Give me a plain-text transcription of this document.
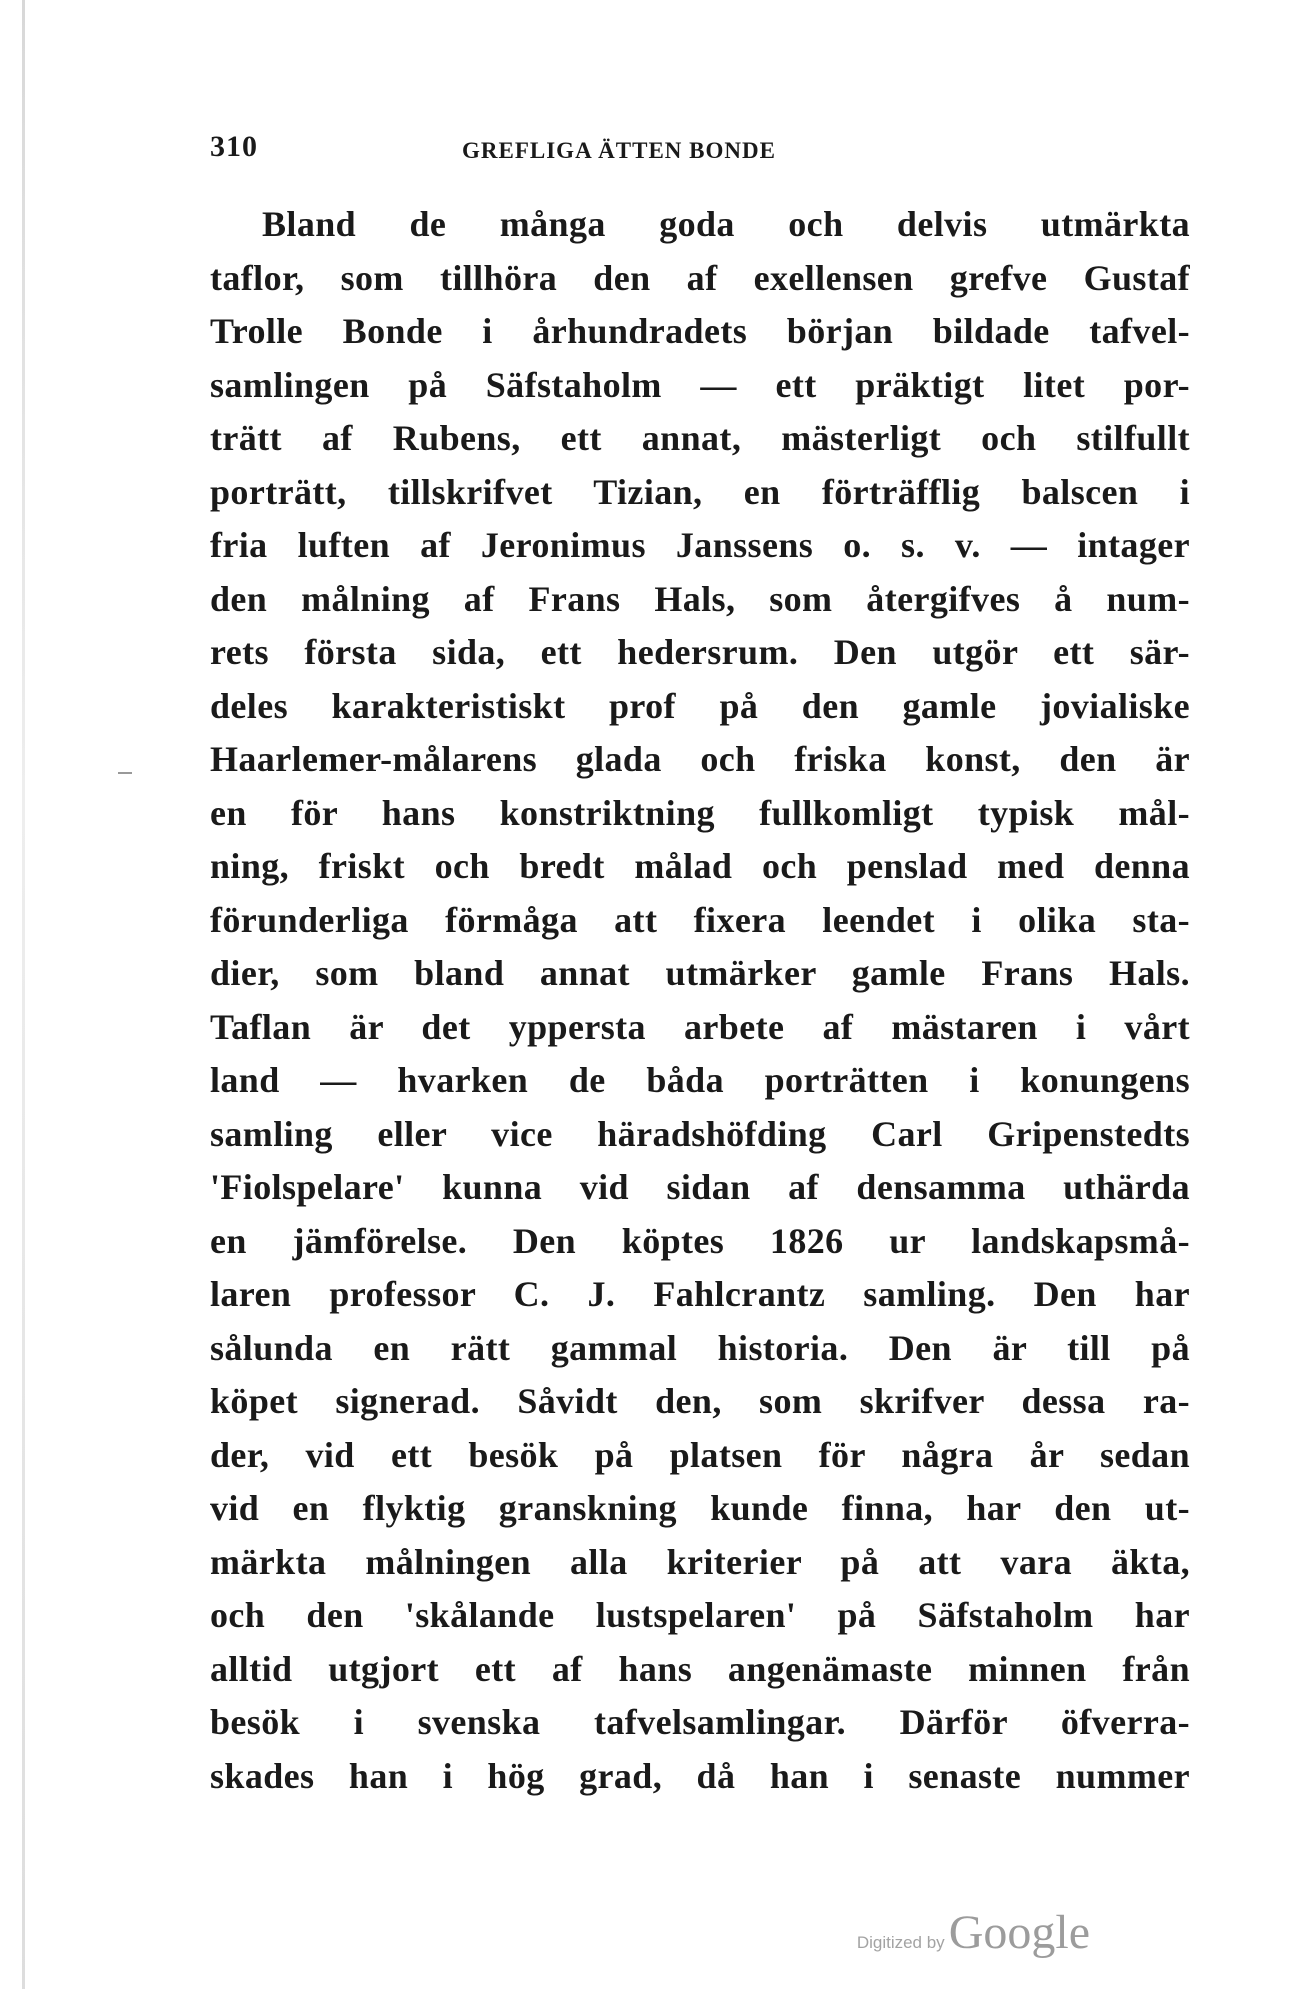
310	GREFLIGA ÄTTEN BONDE
Bland de många goda och delvis utmärkta
taflor, som tillhöra den af exellensen grefve Gustaf
Trolle Bonde i århundradets början bildade tafvel-
samlingen på Säfstaholm — ett präktigt litet por-
trätt af Rubens, ett annat, mästerligt och stilfullt
porträtt, tillskrifvet Tizian, en förträfflig balscen i
fria luften af Jeronimus Janssens o. s. v. — intager
den målning af Frans Hals, som återgifves å num-
rets första sida, ett hedersrum. Den utgör ett sär-
deles karakteristiskt prof på den gamle jovialiske
Haarlemer-målarens glada och friska konst, den är
en för hans konstriktning fullkomligt typisk mål-
ning, friskt och bredt målad och penslad med denna
förunderliga förmåga att fixera leendet i olika sta-
dier, som bland annat utmärker gamle Frans Hals.
Taflan är det yppersta arbete af mästaren i vårt
land — hvarken de båda porträtten i konungens
samling eller vice häradshöfding Carl Gripenstedts
'Fiolspelare' kunna vid sidan af densamma uthärda
en jämförelse. Den köptes 1826 ur landskapsmå-
laren professor C. J. Fahlcrantz samling. Den har
sålunda en rätt gammal historia. Den är till på
köpet signerad. Såvidt den, som skrifver dessa ra-
der, vid ett besök på platsen för några år sedan
vid en flyktig granskning kunde finna, har den ut-
märkta målningen alla kriterier på att vara äkta,
och den 'skålande lustspelaren' på Säfstaholm har
alltid utgjort ett af hans angenämaste minnen från
besök i svenska tafvelsamlingar. Därför öfverra-
skades han i hög grad, då han i senaste nummer
Digitized by Google
